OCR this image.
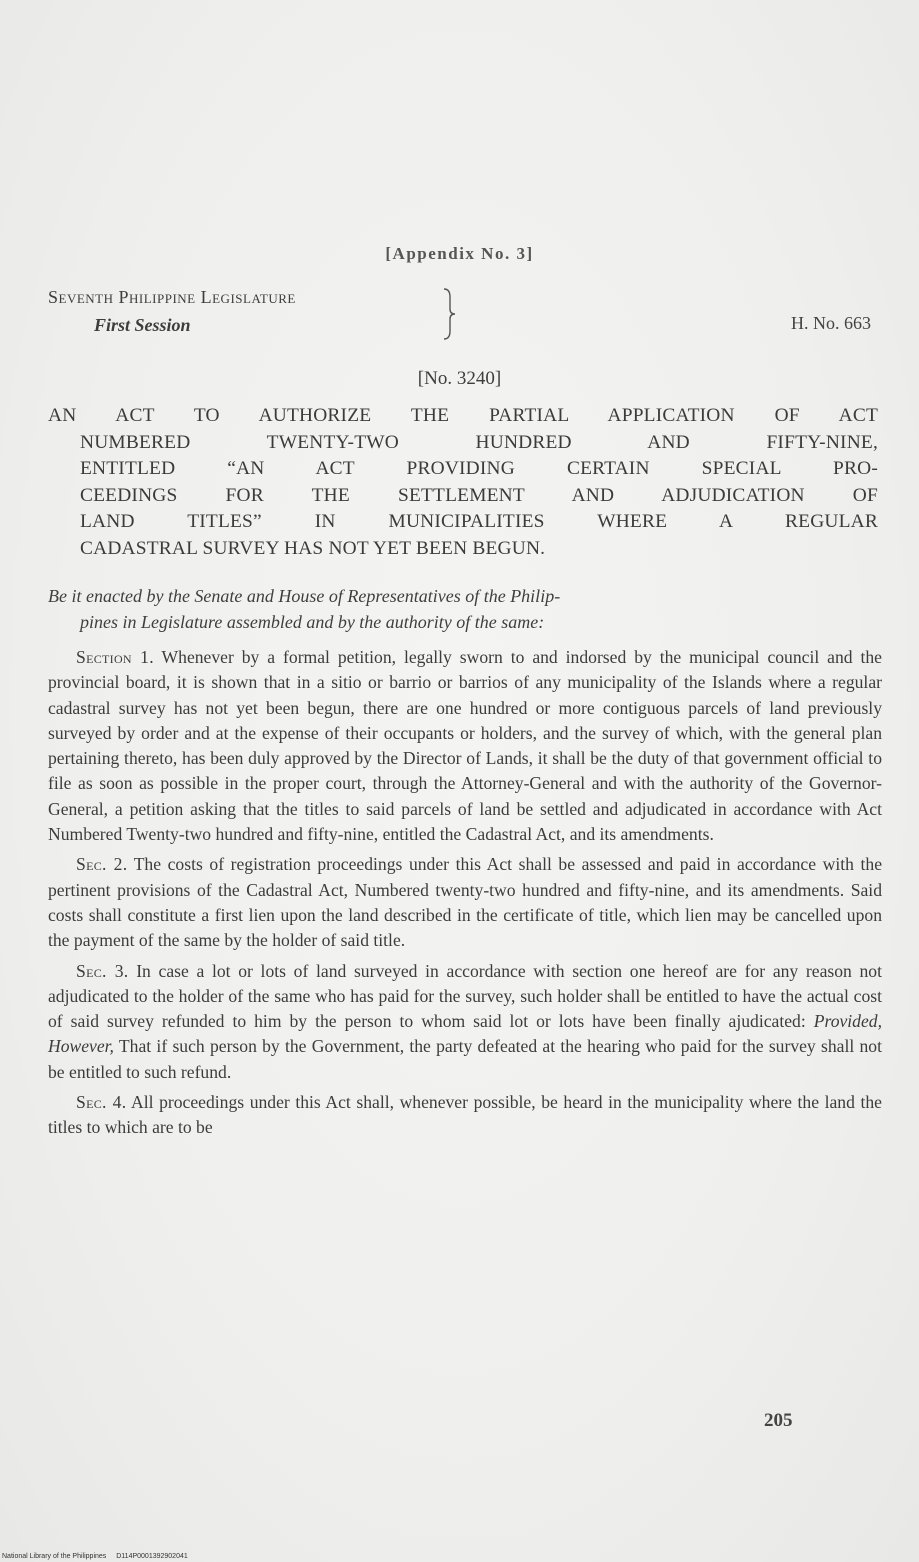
[Appendix No. 3]
Seventh Philippine Legislature
First Session	H. No. 663
[No. 3240]
AN ACT TO AUTHORIZE THE PARTIAL APPLICATION OF ACT
NUMBERED TWENTY-TWO HUNDRED AND FIFTY-NINE,
ENTITLED “AN ACT PROVIDING CERTAIN SPECIAL PRO-
CEEDINGS FOR THE SETTLEMENT AND ADJUDICATION OF
LAND TITLES” IN MUNICIPALITIES WHERE A REGULAR
CADASTRAL SURVEY HAS NOT YET BEEN BEGUN.
Be it enacted by the Senate and House of Representatives of the Philip-
pines in Legislature assembled and by the authority of the same:

Section 1. Whenever by a formal petition, legally sworn to and indorsed by the municipal council and the provincial board, it is shown that in a sitio or barrio or barrios of any municipality of the Islands where a regular cadastral survey has not yet been begun, there are one hundred or more contiguous parcels of land previously surveyed by order and at the expense of their occupants or holders, and the survey of which, with the general plan pertaining thereto, has been duly approved by the Director of Lands, it shall be the duty of that government official to file as soon as possible in the proper court, through the Attorney-General and with the authority of the Governor-General, a petition asking that the titles to said parcels of land be settled and adjudicated in accordance with Act Numbered Twenty-two hundred and fifty-nine, entitled the Cadastral Act, and its amendments.

Sec. 2. The costs of registration proceedings under this Act shall be assessed and paid in accordance with the pertinent provisions of the Cadastral Act, Numbered twenty-two hundred and fifty-nine, and its amendments. Said costs shall constitute a first lien upon the land described in the certificate of title, which lien may be cancelled upon the payment of the same by the holder of said title.

Sec. 3. In case a lot or lots of land surveyed in accordance with section one hereof are for any reason not adjudicated to the holder of the same who has paid for the survey, such holder shall be entitled to have the actual cost of said survey refunded to him by the person to whom said lot or lots have been finally ajudicated: Provided, However, That if such person by the Government, the party defeated at the hearing who paid for the survey shall not be entitled to such refund.

Sec. 4. All proceedings under this Act shall, whenever possible, be heard in the municipality where the land the titles to which are to be

205
National Library of the Philippines D114P0001392902041
